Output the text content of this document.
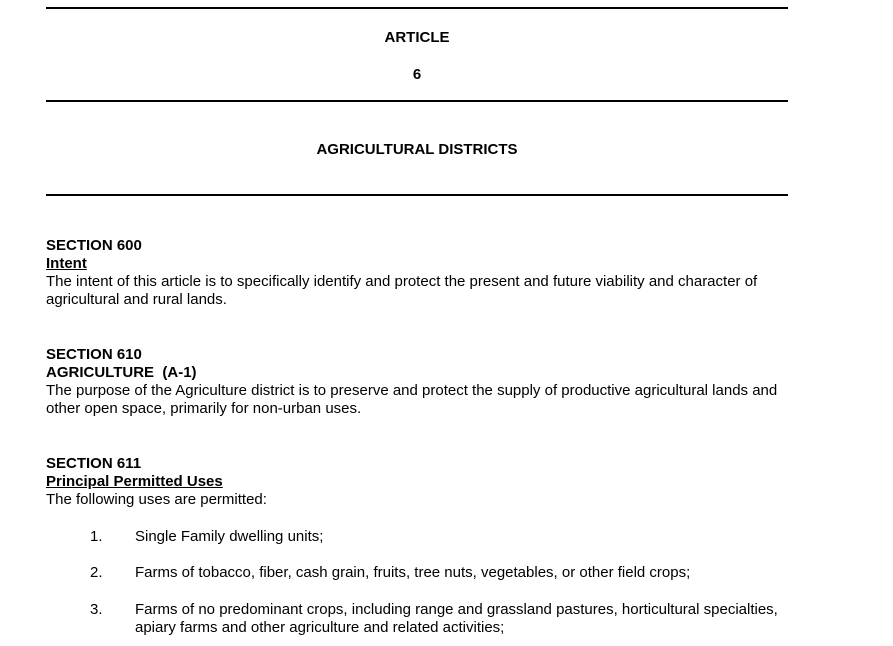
ARTICLE
6
AGRICULTURAL DISTRICTS
SECTION 600
Intent
The intent of this article is to specifically identify and protect the present and future viability and character of agricultural and rural lands.
SECTION 610
AGRICULTURE  (A-1)
The purpose of the Agriculture district is to preserve and protect the supply of productive agricultural lands and other open space, primarily for non-urban uses.
SECTION 611
Principal Permitted Uses
The following uses are permitted:
1.	Single Family dwelling units;
2.	Farms of tobacco, fiber, cash grain, fruits, tree nuts, vegetables, or other field crops;
3.	Farms of no predominant crops, including range and grassland pastures, horticultural specialties, apiary farms and other agriculture and related activities;
